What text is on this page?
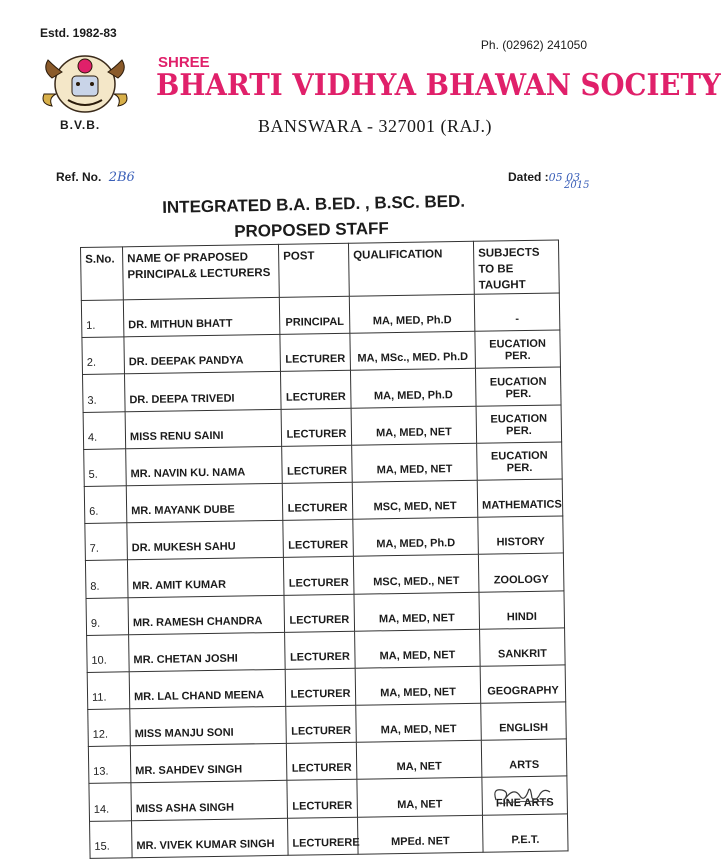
Estd. 1982-83
Ph. (02962) 241050
B.V.B.
SHREE
BHARTI VIDHYA BHAWAN SOCIETY
BANSWARA - 327001 (RAJ.)
Ref. No. 2B6	Dated :05 03
2015
INTEGRATED B.A. B.ED. , B.SC. BED.
PROPOSED STAFF
S.No.	NAME OF PRAPOSED PRINCIPAL& LECTURERS	POST	QUALIFICATION	SUBJECTS TO BE TAUGHT
1.	DR. MITHUN BHATT	PRINCIPAL	MA, MED, Ph.D	-
2.	DR. DEEPAK PANDYA	LECTURER	MA, MSc., MED. Ph.D	EUCATION PER.
3.	DR. DEEPA TRIVEDI	LECTURER	MA, MED, Ph.D	EUCATION PER.
4.	MISS RENU SAINI	LECTURER	MA, MED, NET	EUCATION PER.
5.	MR. NAVIN KU. NAMA	LECTURER	MA, MED, NET	EUCATION PER.
6.	MR. MAYANK DUBE	LECTURER	MSC, MED, NET	MATHEMATICS
7.	DR. MUKESH SAHU	LECTURER	MA, MED, Ph.D	HISTORY
8.	MR. AMIT KUMAR	LECTURER	MSC, MED., NET	ZOOLOGY
9.	MR. RAMESH CHANDRA	LECTURER	MA, MED, NET	HINDI
10.	MR. CHETAN JOSHI	LECTURER	MA, MED, NET	SANKRIT
11.	MR. LAL CHAND MEENA	LECTURER	MA, MED, NET	GEOGRAPHY
12.	MISS MANJU SONI	LECTURER	MA, MED, NET	ENGLISH
13.	MR. SAHDEV SINGH	LECTURER	MA, NET	ARTS
14.	MISS ASHA SINGH	LECTURER	MA, NET	FINE ARTS
15.	MR. VIVEK KUMAR SINGH	LECTURERE	MPEd. NET	P.E.T.
